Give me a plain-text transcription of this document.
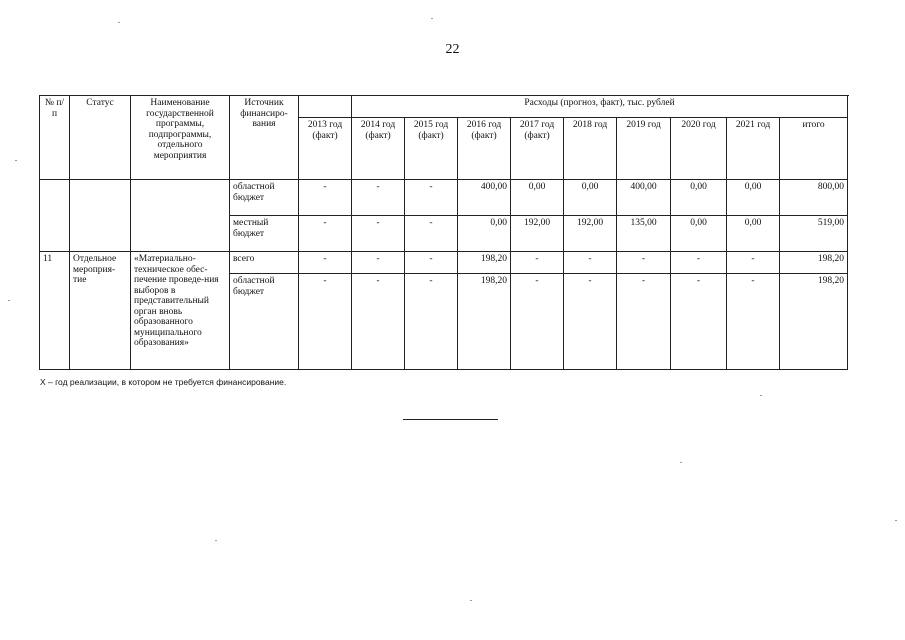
22
№ п/п	Статус	Наименование государственной программы, подпрограммы, отдельного мероприятия	Источник финансиро-вания		Расходы (прогноз, факт), тыс. рублей								
				2013 год (факт)	2014 год (факт)	2015 год (факт)	2016 год (факт)	2017 год (факт)	2018 год	2019 год	2020 год	2021 год	итого
			областной бюджет	-	-	-	400,00	0,00	0,00	400,00	0,00	0,00	800,00
			местный бюджет	-	-	-	0,00	192,00	192,00	135,00	0,00	0,00	519,00
11	Отдельное мероприя-тие	«Материально-техническое обес-печение проведе-ния выборов в представительный орган вновь образованного муниципального образования»	всего	-	-	-	198,20	-	-	-	-	-	198,20
			областной бюджет	-	-	-	198,20	-	-	-	-	-	198,20
X – год реализации, в котором не требуется финансирование.
